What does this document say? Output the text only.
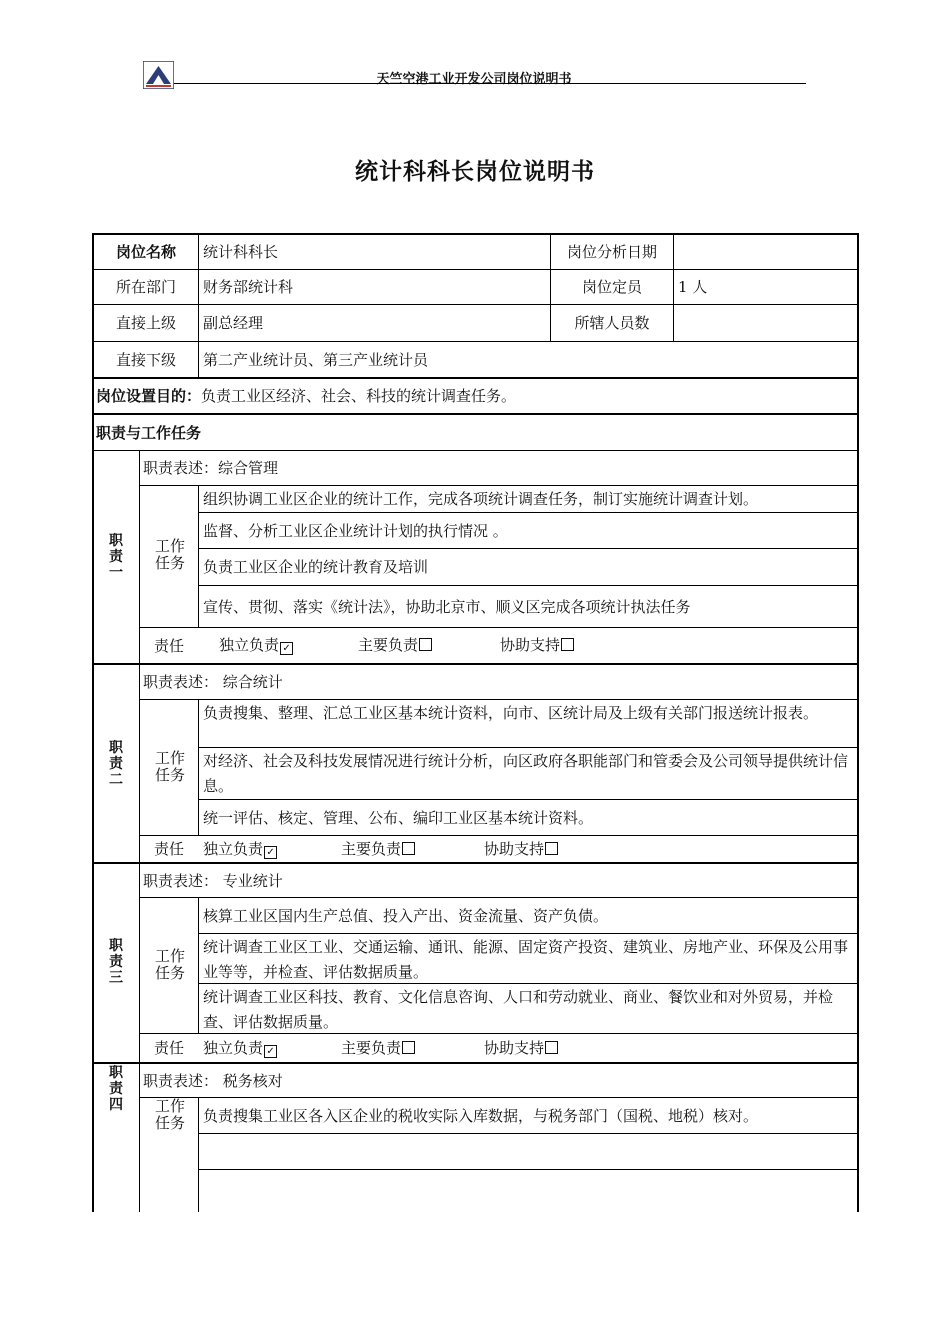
天竺空港工业开发公司岗位说明书
统计科科长岗位说明书
岗位名称	统计科科长	岗位分析日期
所在部门	财务部统计科	岗位定员	1 人
直接上级	副总经理	所辖人员数
直接下级	第二产业统计员、第三产业统计员
岗位设置目的： 负责工业区经济、社会、科技的统计调查任务。
职责与工作任务
职
责
一
职责表述：综合管理
工作
任务
组织协调工业区企业的统计工作，完成各项统计调查任务，制订实施统计调查计划。
监督、分析工业区企业统计计划的执行情况 。
负责工业区企业的统计教育及培训
宣传、贯彻、落实《统计法》，协助北京市、顺义区完成各项统计执法任务
责任	独立负责 ✓	主要负责	协助支持
职
责
二
职责表述： 综合统计
工作
任务
负责搜集、整理、汇总工业区基本统计资料，向市、区统计局及上级有关部门报送统计报表。
对经济、社会及科技发展情况进行统计分析，向区政府各职能部门和管委会及公司领导提供统计信息。
统一评估、核定、管理、公布、编印工业区基本统计资料。
责任	独立负责 ✓	主要负责	协助支持
职
责
三
职责表述： 专业统计
工作
任务
核算工业区国内生产总值、投入产出、资金流量、资产负债。
统计调查工业区工业、交通运输、通讯、能源、固定资产投资、建筑业、房地产业、环保及公用事业等等，并检查、评估数据质量。
统计调查工业区科技、教育、文化信息咨询、人口和劳动就业、商业、餐饮业和对外贸易，并检查、评估数据质量。
责任	独立负责 ✓	主要负责	协助支持
职
责
四
职责表述： 税务核对
工作
任务	负责搜集工业区各入区企业的税收实际入库数据，与税务部门（国税、地税）核对。
